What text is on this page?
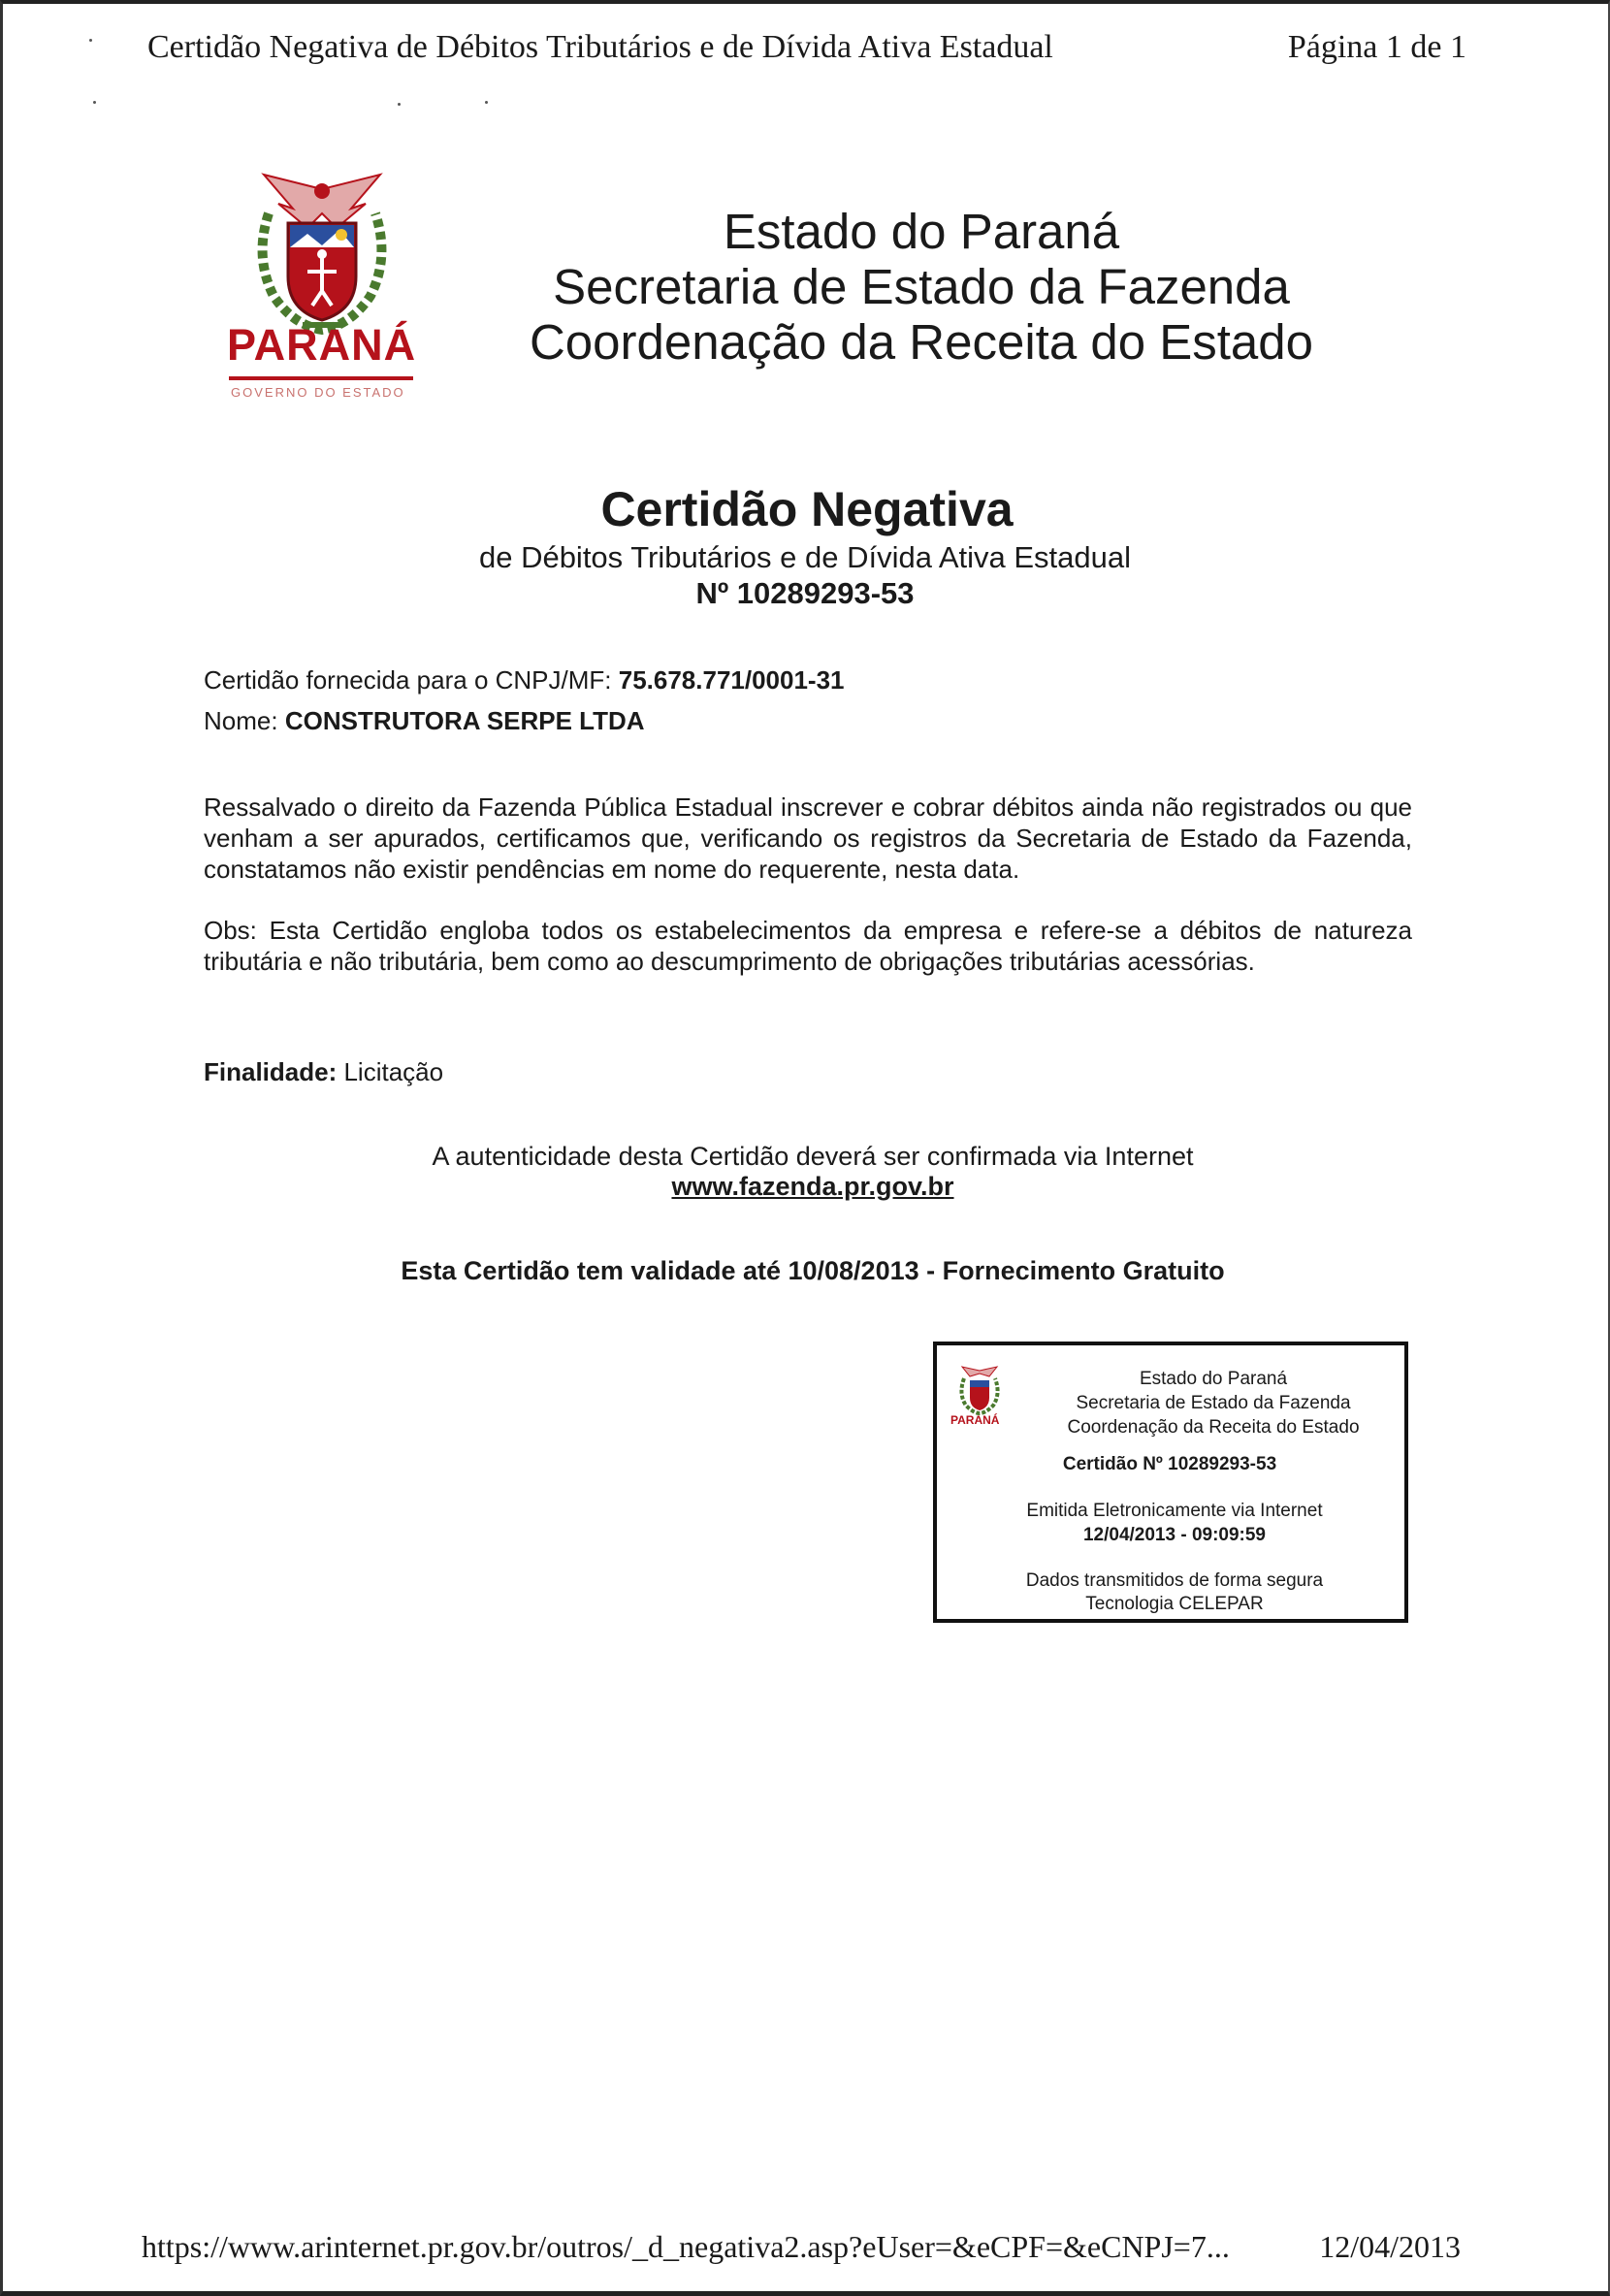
Certidão Negativa de Débitos Tributários e de Dívida Ativa Estadual	Página 1 de 1
PARANÁ
GOVERNO DO ESTADO
Estado do Paraná
Secretaria de Estado da Fazenda
Coordenação da Receita do Estado
Certidão Negativa
de Débitos Tributários e de Dívida Ativa Estadual
Nº 10289293-53
Certidão fornecida para o CNPJ/MF: 75.678.771/0001-31
Nome: CONSTRUTORA SERPE LTDA
Ressalvado o direito da Fazenda Pública Estadual inscrever e cobrar débitos ainda não registrados ou que venham a ser apurados, certificamos que, verificando os registros da Secretaria de Estado da Fazenda, constatamos não existir pendências em nome do requerente, nesta data.
Obs: Esta Certidão engloba todos os estabelecimentos da empresa e refere-se a débitos de natureza tributária e não tributária, bem como ao descumprimento de obrigações tributárias acessórias.
Finalidade: Licitação
A autenticidade desta Certidão deverá ser confirmada via Internet
www.fazenda.pr.gov.br
Esta Certidão tem validade até 10/08/2013 - Fornecimento Gratuito
PARANÁ
Estado do Paraná
Secretaria de Estado da Fazenda
Coordenação da Receita do Estado
Certidão Nº 10289293-53
Emitida Eletronicamente via Internet
12/04/2013 - 09:09:59
Dados transmitidos de forma segura
Tecnologia CELEPAR
https://www.arinternet.pr.gov.br/outros/_d_negativa2.asp?eUser=&eCPF=&eCNPJ=7...	12/04/2013
